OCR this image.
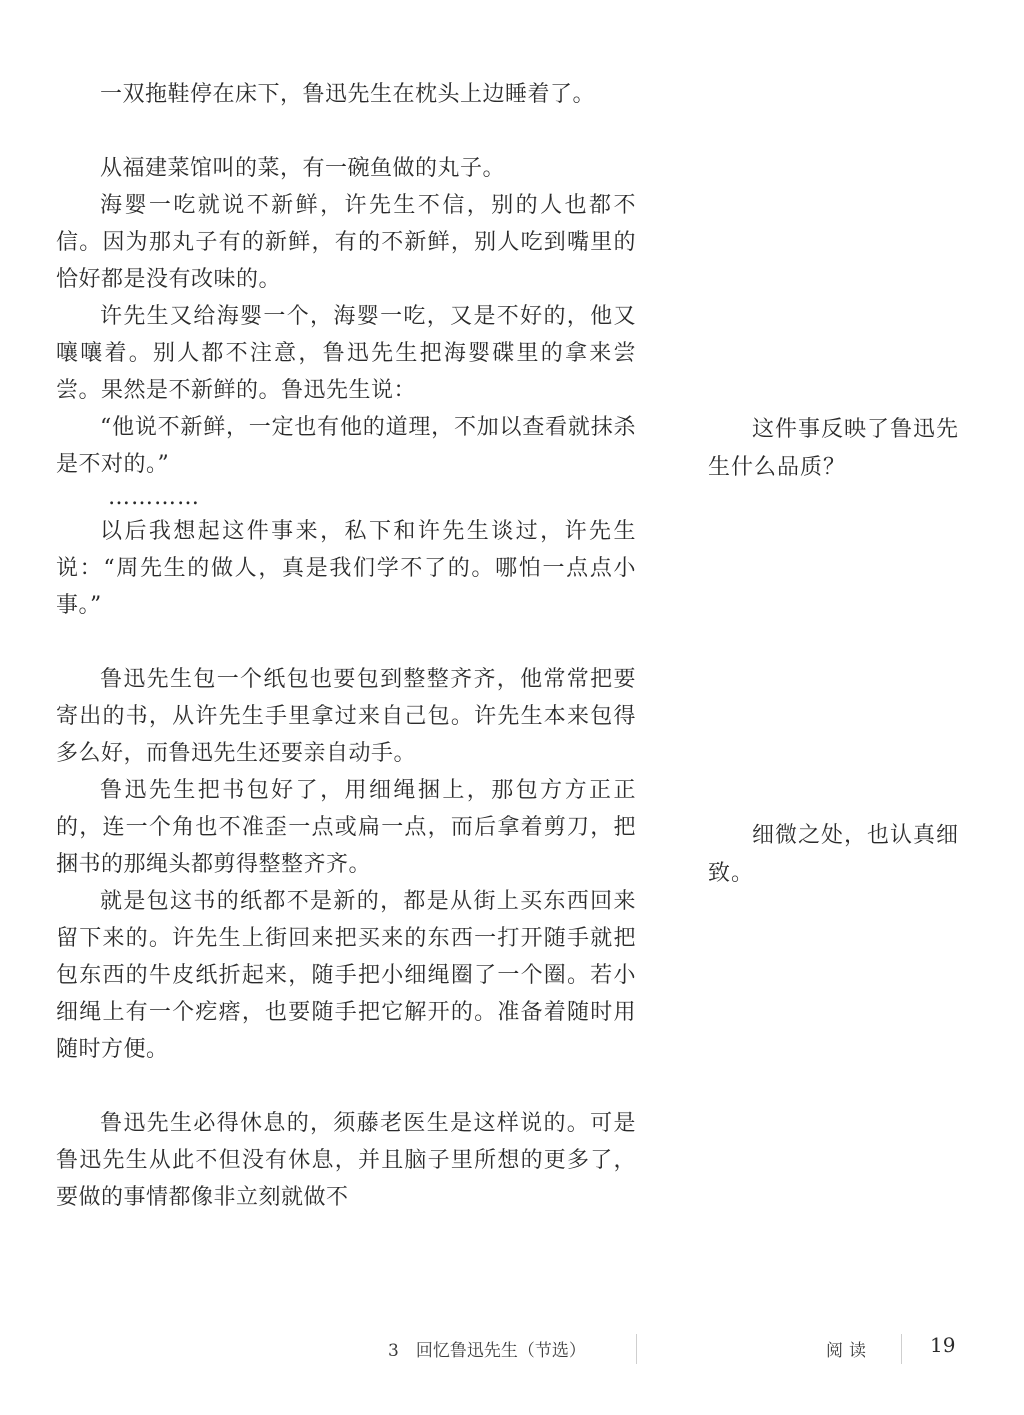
一双拖鞋停在床下，鲁迅先生在枕头上边睡着了。

从福建菜馆叫的菜，有一碗鱼做的丸子。

海婴一吃就说不新鲜，许先生不信，别的人也都不信。因为那丸子有的新鲜，有的不新鲜，别人吃到嘴里的恰好都是没有改味的。

许先生又给海婴一个，海婴一吃，又是不好的，他又嚷嚷着。别人都不注意，鲁迅先生把海婴碟里的拿来尝尝。果然是不新鲜的。鲁迅先生说：

“他说不新鲜，一定也有他的道理，不加以查看就抹杀是不对的。”

…………

以后我想起这件事来，私下和许先生谈过，许先生说：“周先生的做人，真是我们学不了的。哪怕一点点小事。”

鲁迅先生包一个纸包也要包到整整齐齐，他常常把要寄出的书，从许先生手里拿过来自己包。许先生本来包得多么好，而鲁迅先生还要亲自动手。

鲁迅先生把书包好了，用细绳捆上，那包方方正正的，连一个角也不准歪一点或扁一点，而后拿着剪刀，把捆书的那绳头都剪得整整齐齐。

就是包这书的纸都不是新的，都是从街上买东西回来留下来的。许先生上街回来把买来的东西一打开随手就把包东西的牛皮纸折起来，随手把小细绳圈了一个圈。若小细绳上有一个疙瘩，也要随手把它解开的。准备着随时用随时方便。

鲁迅先生必得休息的，须藤老医生是这样说的。可是鲁迅先生从此不但没有休息，并且脑子里所想的更多了，要做的事情都像非立刻就做不

这件事反映了鲁迅先生什么品质？

细微之处，也认真细致。

3　回忆鲁迅先生（节选）	阅读	19
